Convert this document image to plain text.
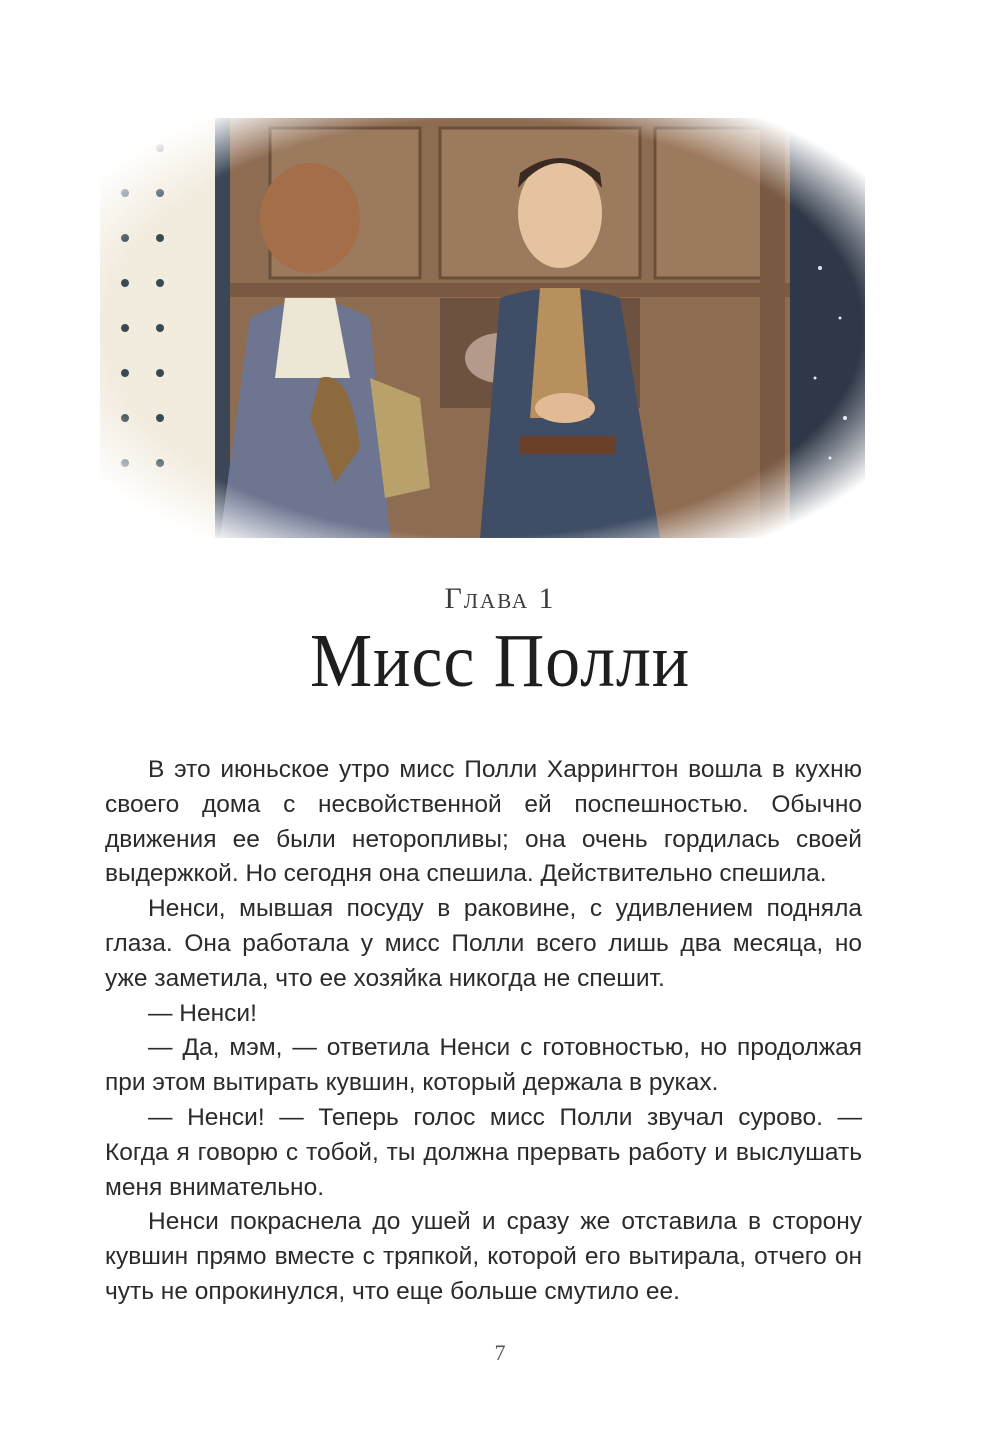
Глава 1
Мисс Полли

В это июньское утро мисс Полли Харрингтон вошла в кухню своего дома с несвойственной ей поспешностью. Обычно движения ее были неторопливы; она очень гордилась своей выдержкой. Но сегодня она спешила. Действительно спешила.

Ненси, мывшая посуду в раковине, с удивлением подняла глаза. Она работала у мисс Полли всего лишь два месяца, но уже заметила, что ее хозяйка никогда не спешит.

— Ненси!

— Да, мэм, — ответила Ненси с готовностью, но продолжая при этом вытирать кувшин, который держала в руках.

— Ненси! — Теперь голос мисс Полли звучал сурово. — Когда я говорю с тобой, ты должна прервать работу и выслушать меня внимательно.

Ненси покраснела до ушей и сразу же отставила в сторону кувшин прямо вместе с тряпкой, которой его вытирала, отчего он чуть не опрокинулся, что еще больше смутило ее.

7
